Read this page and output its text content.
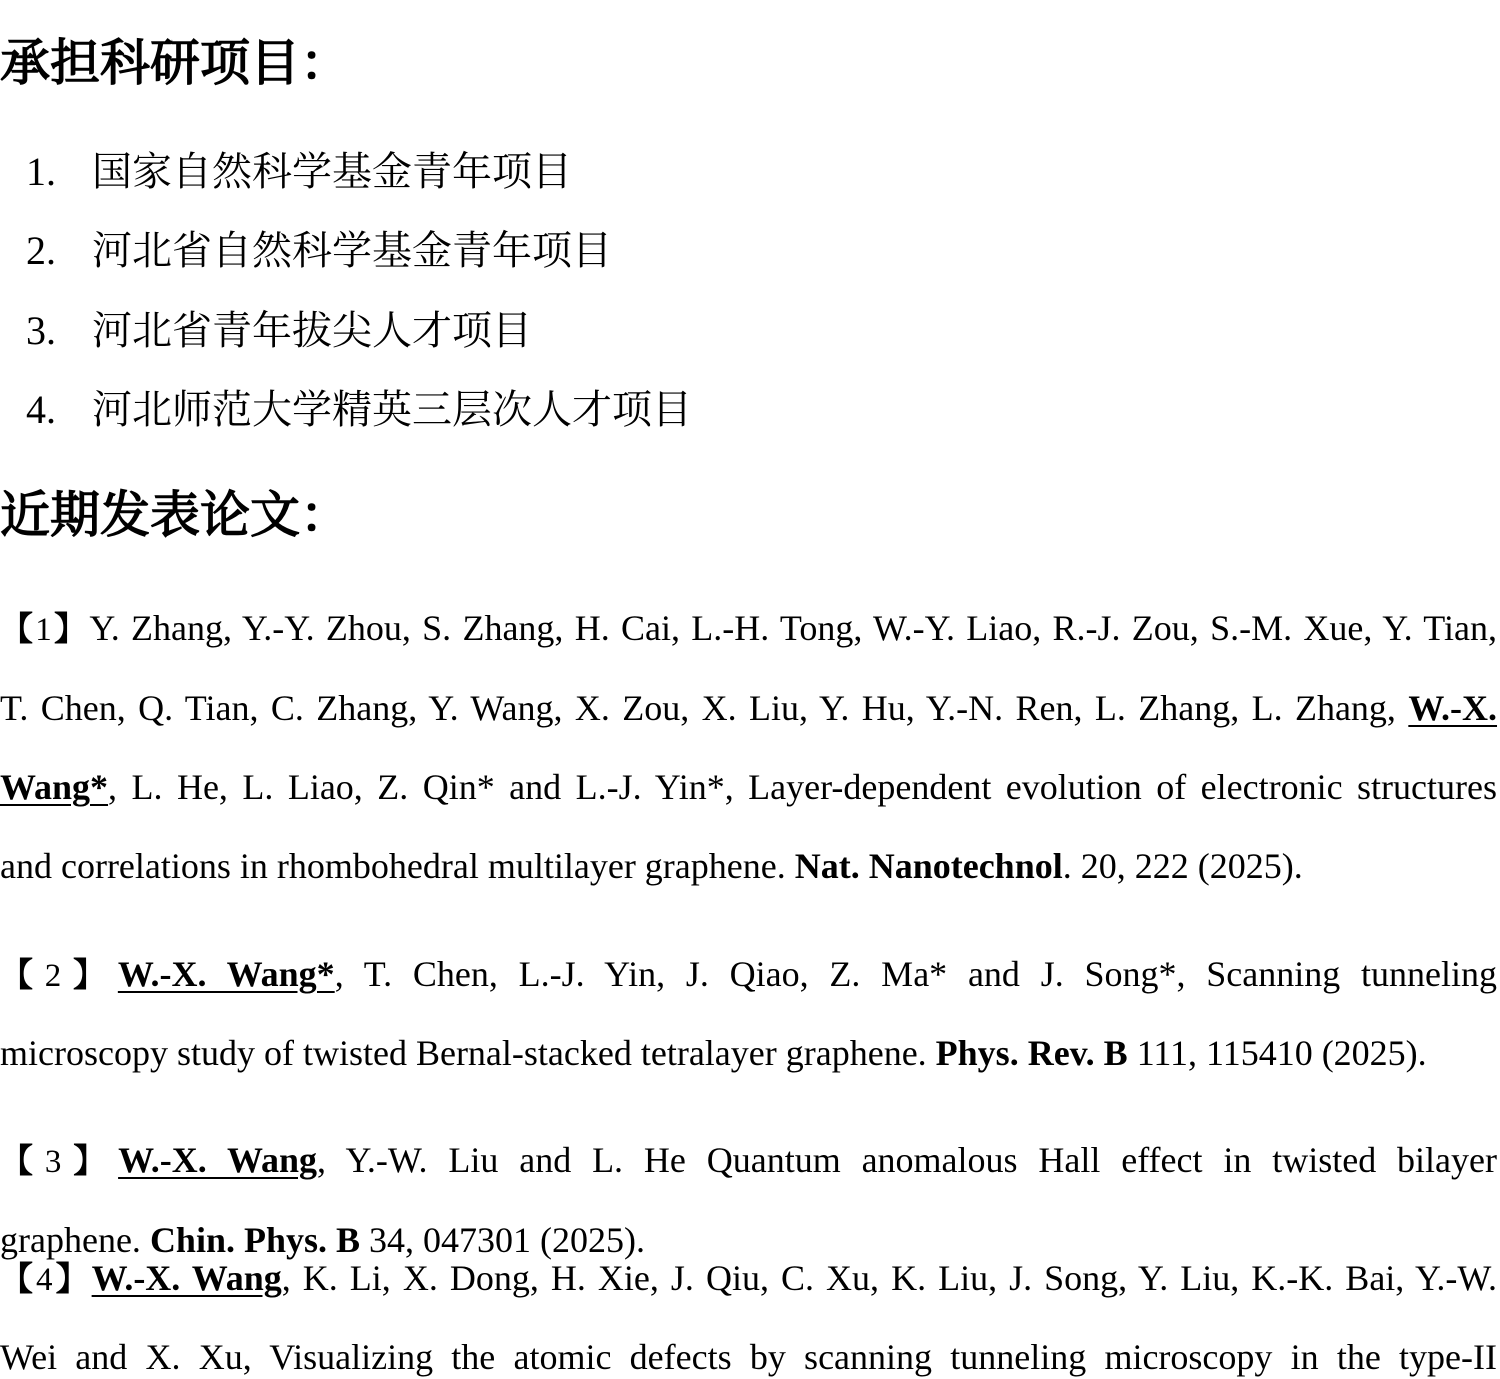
承担科研项目：
1. 国家自然科学基金青年项目
2. 河北省自然科学基金青年项目
3. 河北省青年拔尖人才项目
4. 河北师范大学精英三层次人才项目
近期发表论文：
【1】Y. Zhang, Y.-Y. Zhou, S. Zhang, H. Cai, L.-H. Tong, W.-Y. Liao, R.-J. Zou, S.-M. Xue, Y. Tian,
T. Chen, Q. Tian, C. Zhang, Y. Wang, X. Zou, X. Liu, Y. Hu, Y.-N. Ren, L. Zhang, L. Zhang, W.-X.
Wang*, L. He, L. Liao, Z. Qin* and L.-J. Yin*, Layer-dependent evolution of electronic structures
and correlations in rhombohedral multilayer graphene. Nat. Nanotechnol. 20, 222 (2025).
【2】W.-X. Wang*, T. Chen, L.-J. Yin, J. Qiao, Z. Ma* and J. Song*, Scanning tunneling
microscopy study of twisted Bernal-stacked tetralayer graphene. Phys. Rev. B 111, 115410 (2025).
【3】W.-X. Wang, Y.-W. Liu and L. He Quantum anomalous Hall effect in twisted bilayer
graphene. Chin. Phys. B 34, 047301 (2025).
【4】W.-X. Wang, K. Li, X. Dong, H. Xie, J. Qiu, C. Xu, K. Liu, J. Song, Y. Liu, K.-K. Bai, Y.-W.
Wei and X. Xu, Visualizing the atomic defects by scanning tunneling microscopy in the type-II
